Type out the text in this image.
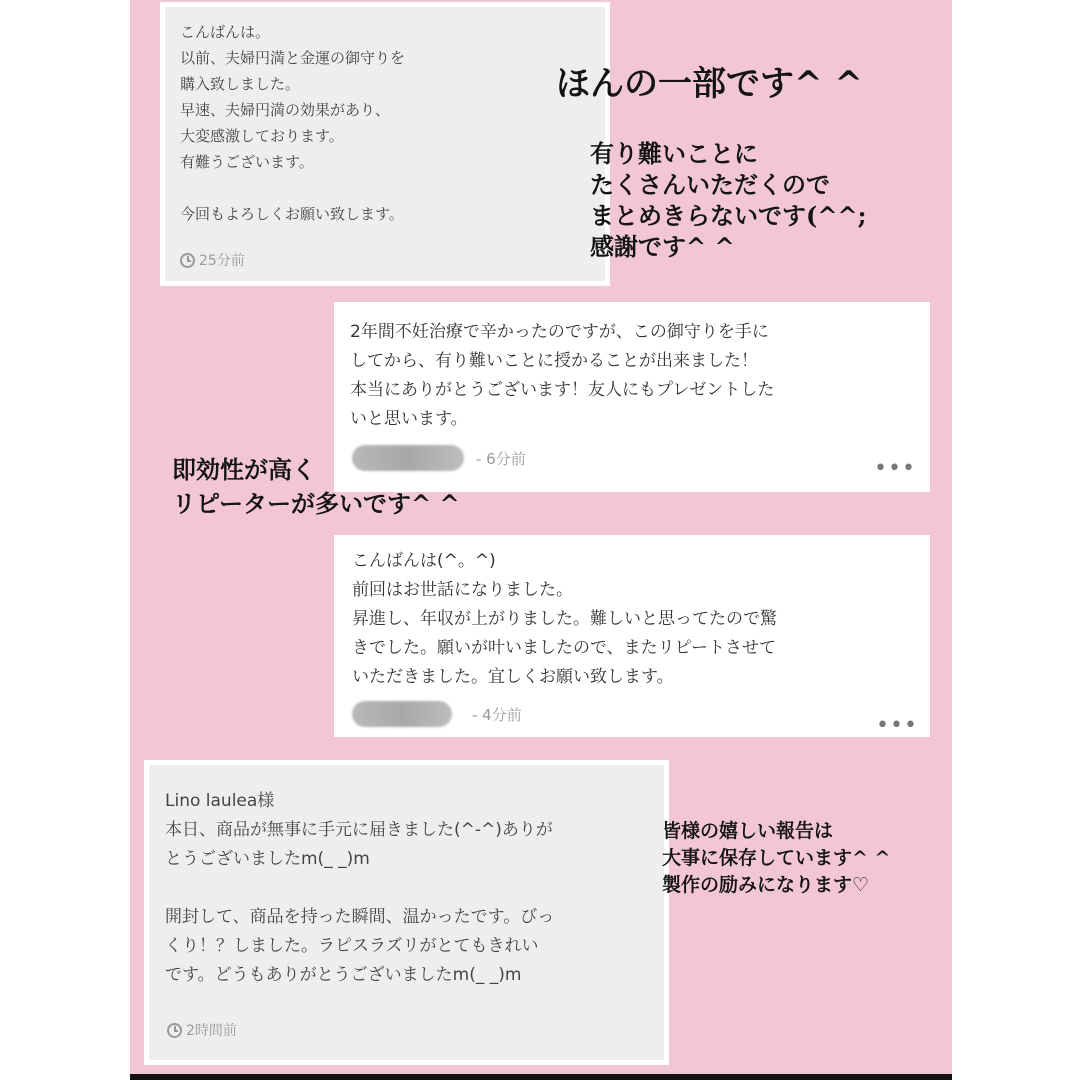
こんばんは。
以前、夫婦円満と金運の御守りを
購入致しました。
早速、夫婦円満の効果があり、
大変感激しております。
有難うございます。

今回もよろしくお願い致します。

25分前

2年間不妊治療で辛かったのですが、この御守りを手に
してから、有り難いことに授かることが出来ました！
本当にありがとうございます！友人にもプレゼントした
いと思います。

- 6分前	•••

こんばんは(^。^)
前回はお世話になりました。
昇進し、年収が上がりました。難しいと思ってたので驚
きでした。願いが叶いましたので、またリピートさせて
いただきました。宜しくお願い致します。

- 4分前	•••

Lino laulea様
本日、商品が無事に手元に届きました(^-^)ありが
とうございましたm(_ _)m

開封して、商品を持った瞬間、温かったです。びっ
くり！？しました。ラピスラズリがとてもきれい
です。どうもありがとうございましたm(_ _)m

2時間前

ほんの一部です^ ^

有り難いことに
たくさんいただくので
まとめきらないです(^^;
感謝です^ ^

即効性が高く
リピーターが多いです^ ^

皆様の嬉しい報告は
大事に保存しています^ ^
製作の励みになります♡
